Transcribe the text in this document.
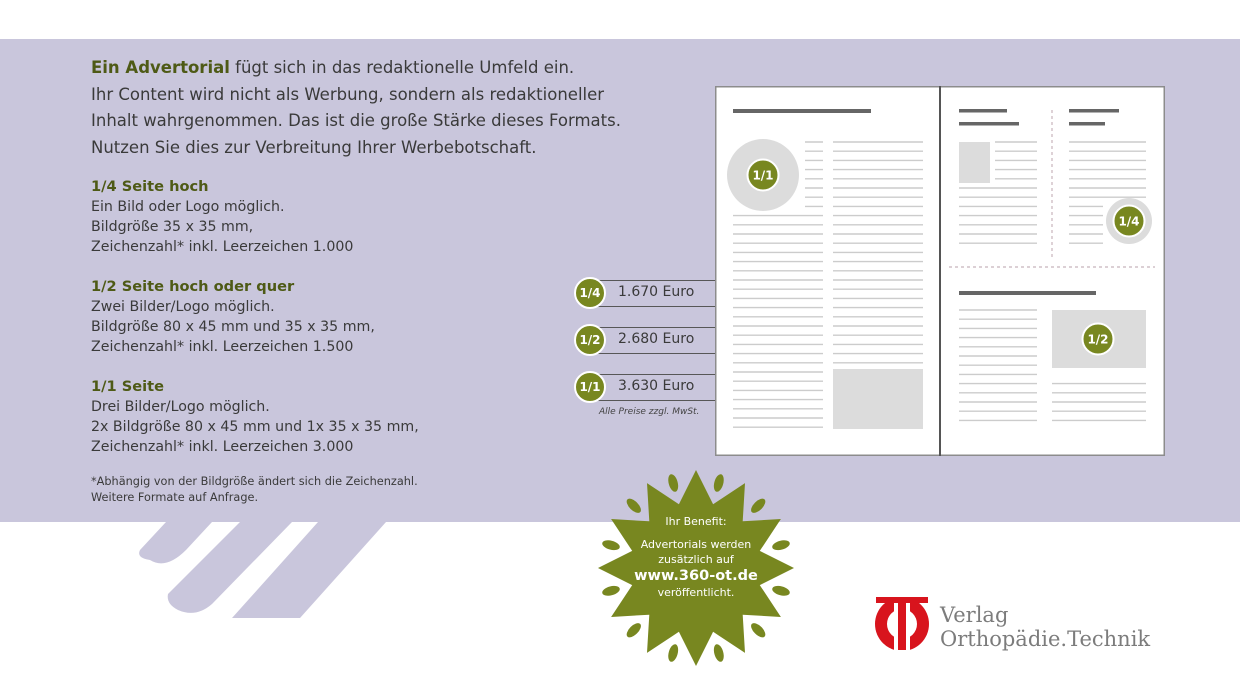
Ein Advertorial fügt sich in das redaktionelle Umfeld ein.
Ihr Content wird nicht als Werbung, sondern als redaktioneller
Inhalt wahrgenommen. Das ist die große Stärke dieses Formats.
Nutzen Sie dies zur Verbreitung Ihrer Werbebotschaft.
1/4 Seite hoch
Ein Bild oder Logo möglich.
Bildgröße 35 x 35 mm,
Zeichenzahl* inkl. Leerzeichen 1.000
1/2 Seite hoch oder quer
Zwei Bilder/Logo möglich.
Bildgröße 80 x 45 mm und 35 x 35 mm,
Zeichenzahl* inkl. Leerzeichen 1.500
1/1 Seite
Drei Bilder/Logo möglich.
2x Bildgröße 80 x 45 mm und 1x 35 x 35 mm,
Zeichenzahl* inkl. Leerzeichen 3.000
*Abhängig von der Bildgröße ändert sich die Zeichenzahl.
Weitere Formate auf Anfrage.
1/4	1.670 Euro
1/2	2.680 Euro
1/1	3.630 Euro
Alle Preise zzgl. MwSt.
1/1
1/4
1/2
Ihr Benefit:
Advertorials werden
zusätzlich auf
www.360-ot.de
veröffentlicht.
Verlag
Orthopädie.Technik
